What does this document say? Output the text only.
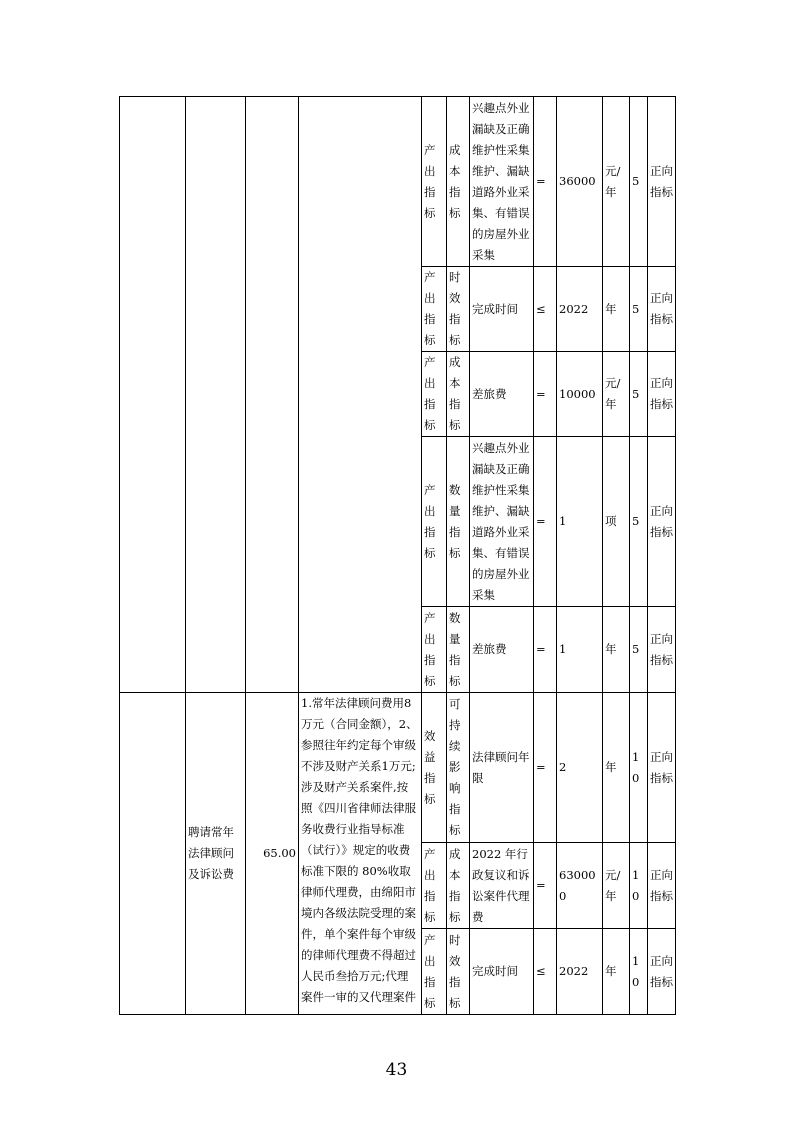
				产出指标	成本指标	兴趣点外业漏缺及正确维护性采集维护、漏缺道路外业采集、有错误的房屋外业采集	=	36000	元/年	5	正向指标
				产出指标	时效指标	完成时间	≤	2022	年	5	正向指标
				产出指标	成本指标	差旅费	=	10000	元/年	5	正向指标
				产出指标	数量指标	兴趣点外业漏缺及正确维护性采集维护、漏缺道路外业采集、有错误的房屋外业采集	=	1	项	5	正向指标
				产出指标	数量指标	差旅费	=	1	年	5	正向指标
	聘请常年法律顾问及诉讼费	65.00	1.常年法律顾问费用8万元（合同金额），2、参照往年约定每个审级不涉及财产关系1万元;涉及财产关系案件,按照《四川省律师法律服务收费行业指导标准（试行）》规定的收费标准下限的 80%收取律师代理费，由绵阳市境内各级法院受理的案件，单个案件每个审级的律师代理费不得超过人民币叁拾万元;代理案件一审的又代理案件	效益指标	可持续影响指标	法律顾问年限	=	2	年	10	正向指标
				产出指标	成本指标	2022 年行政复议和诉讼案件代理费	=	630000	元/年	10	正向指标
				产出指标	时效指标	完成时间	≤	2022	年	10	正向指标
43
